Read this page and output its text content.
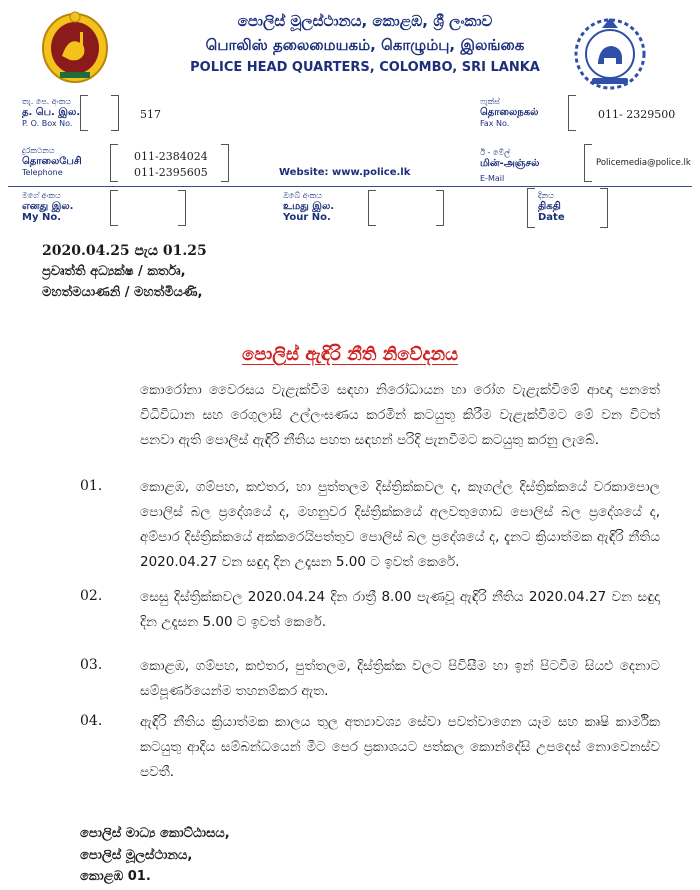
පොලිස් මූලස්ථානය, කොළඹ, ශ්‍රී ලංකාව
பொலிஸ் தலைமையகம், கொழும்பு, இலங்கை
POLICE HEAD QUARTERS, COLOMBO, SRI LANKA
තැ. පෙ. අංකය
த. பெ. இல.
P. O. Box No.
517
ෆැක්ස්
தொலைநகல்
Fax No.
011- 2329500
දුරකථනය
தொலைபேசி
Telephone
011-2384024
011-2395605	Website: www.police.lk
ඊ - මේල්
மின்-அஞ்சல்
E-Mail
Policemedia@police.lk
මගේ අංකය
எனது இல.
My No.
ඔබේ අංකය
உமது இல.
Your No.
දිනය
திகதி
Date
2020.04.25 පැය 01.25
ප්‍රවෘත්ති අධ්‍යක්ෂ / කර්තෘ,
මහත්මයාණනි / මහත්මියණි,
පොලිස් ඇඳිරි නීති නිවේදනය
කොරෝනා වෛරසය වැළැක්වීම සඳහා නිරෝධායන හා රෝග වැළැක්වීමේ ආඥා පනතේ විධිවිධාන සහ රෙගුලාසි උල්ලංඝණය කරමින් කටයුතු කිරීම වැළැක්වීමට මේ වන විටත් පනවා ඇති පොලිස් ඇඳිරි නීතිය පහත සඳහන් පරිදි පැනවීමට කටයුතු කරනු ලැබේ.
01.	කොළඹ, ගම්පහ, කළුතර, හා පුත්තලම දිස්ත්‍රික්කවල ද, කෑගල්ල දිස්ත්‍රික්කයේ වරකාපොල පොලිස් බල ප්‍රදේශයේ ද, මහනුවර දිස්ත්‍රික්කයේ අලවතුගොඩ පොලිස් බල ප්‍රදේශයේ ද, අම්පාර දිස්ත්‍රික්කයේ අක්කරෙයිපත්තුව පොලිස් බල ප්‍රදේශයේ ද, දැනට ක්‍රියාත්මක ඇඳිරි නීතිය 2020.04.27 වන සඳුදා දින උදෑසන 5.00 ට ඉවත් කෙරේ.
02.	සෙසු දිස්ත්‍රික්කවල 2020.04.24 දින රාත්‍රී 8.00 පැණවූ ඇඳිරි නීතිය 2020.04.27 වන සඳුදා දින උදෑසන 5.00 ට ඉවත් කෙරේ.
03.	කොළඹ, ගම්පහ, කළුතර, පුත්තලම, දිස්ත්‍රික්ක වලට පිවිසීම හා ඉන් පිටවීම සියළු දෙනාට සම්පූර්ණයෙන්ම තහනම්කර ඇත.
04.	ඇඳිරි නීතිය ක්‍රියාත්මක කාලය තුල අත්‍යාවශ්‍ය සේවා පවත්වාගෙන යෑම සහ කෘෂි කාර්මික කටයුතු ආදිය සම්බන්ධයෙන් මීට පෙර ප්‍රකාශයට පත්කල කොන්දේසි උපදෙස් නොවෙනස්ව පවතී.
පොලිස් මාධ්‍ය කොට්ඨාසය,
පොලිස් මූලස්ථානය,
කොළඹ 01.
